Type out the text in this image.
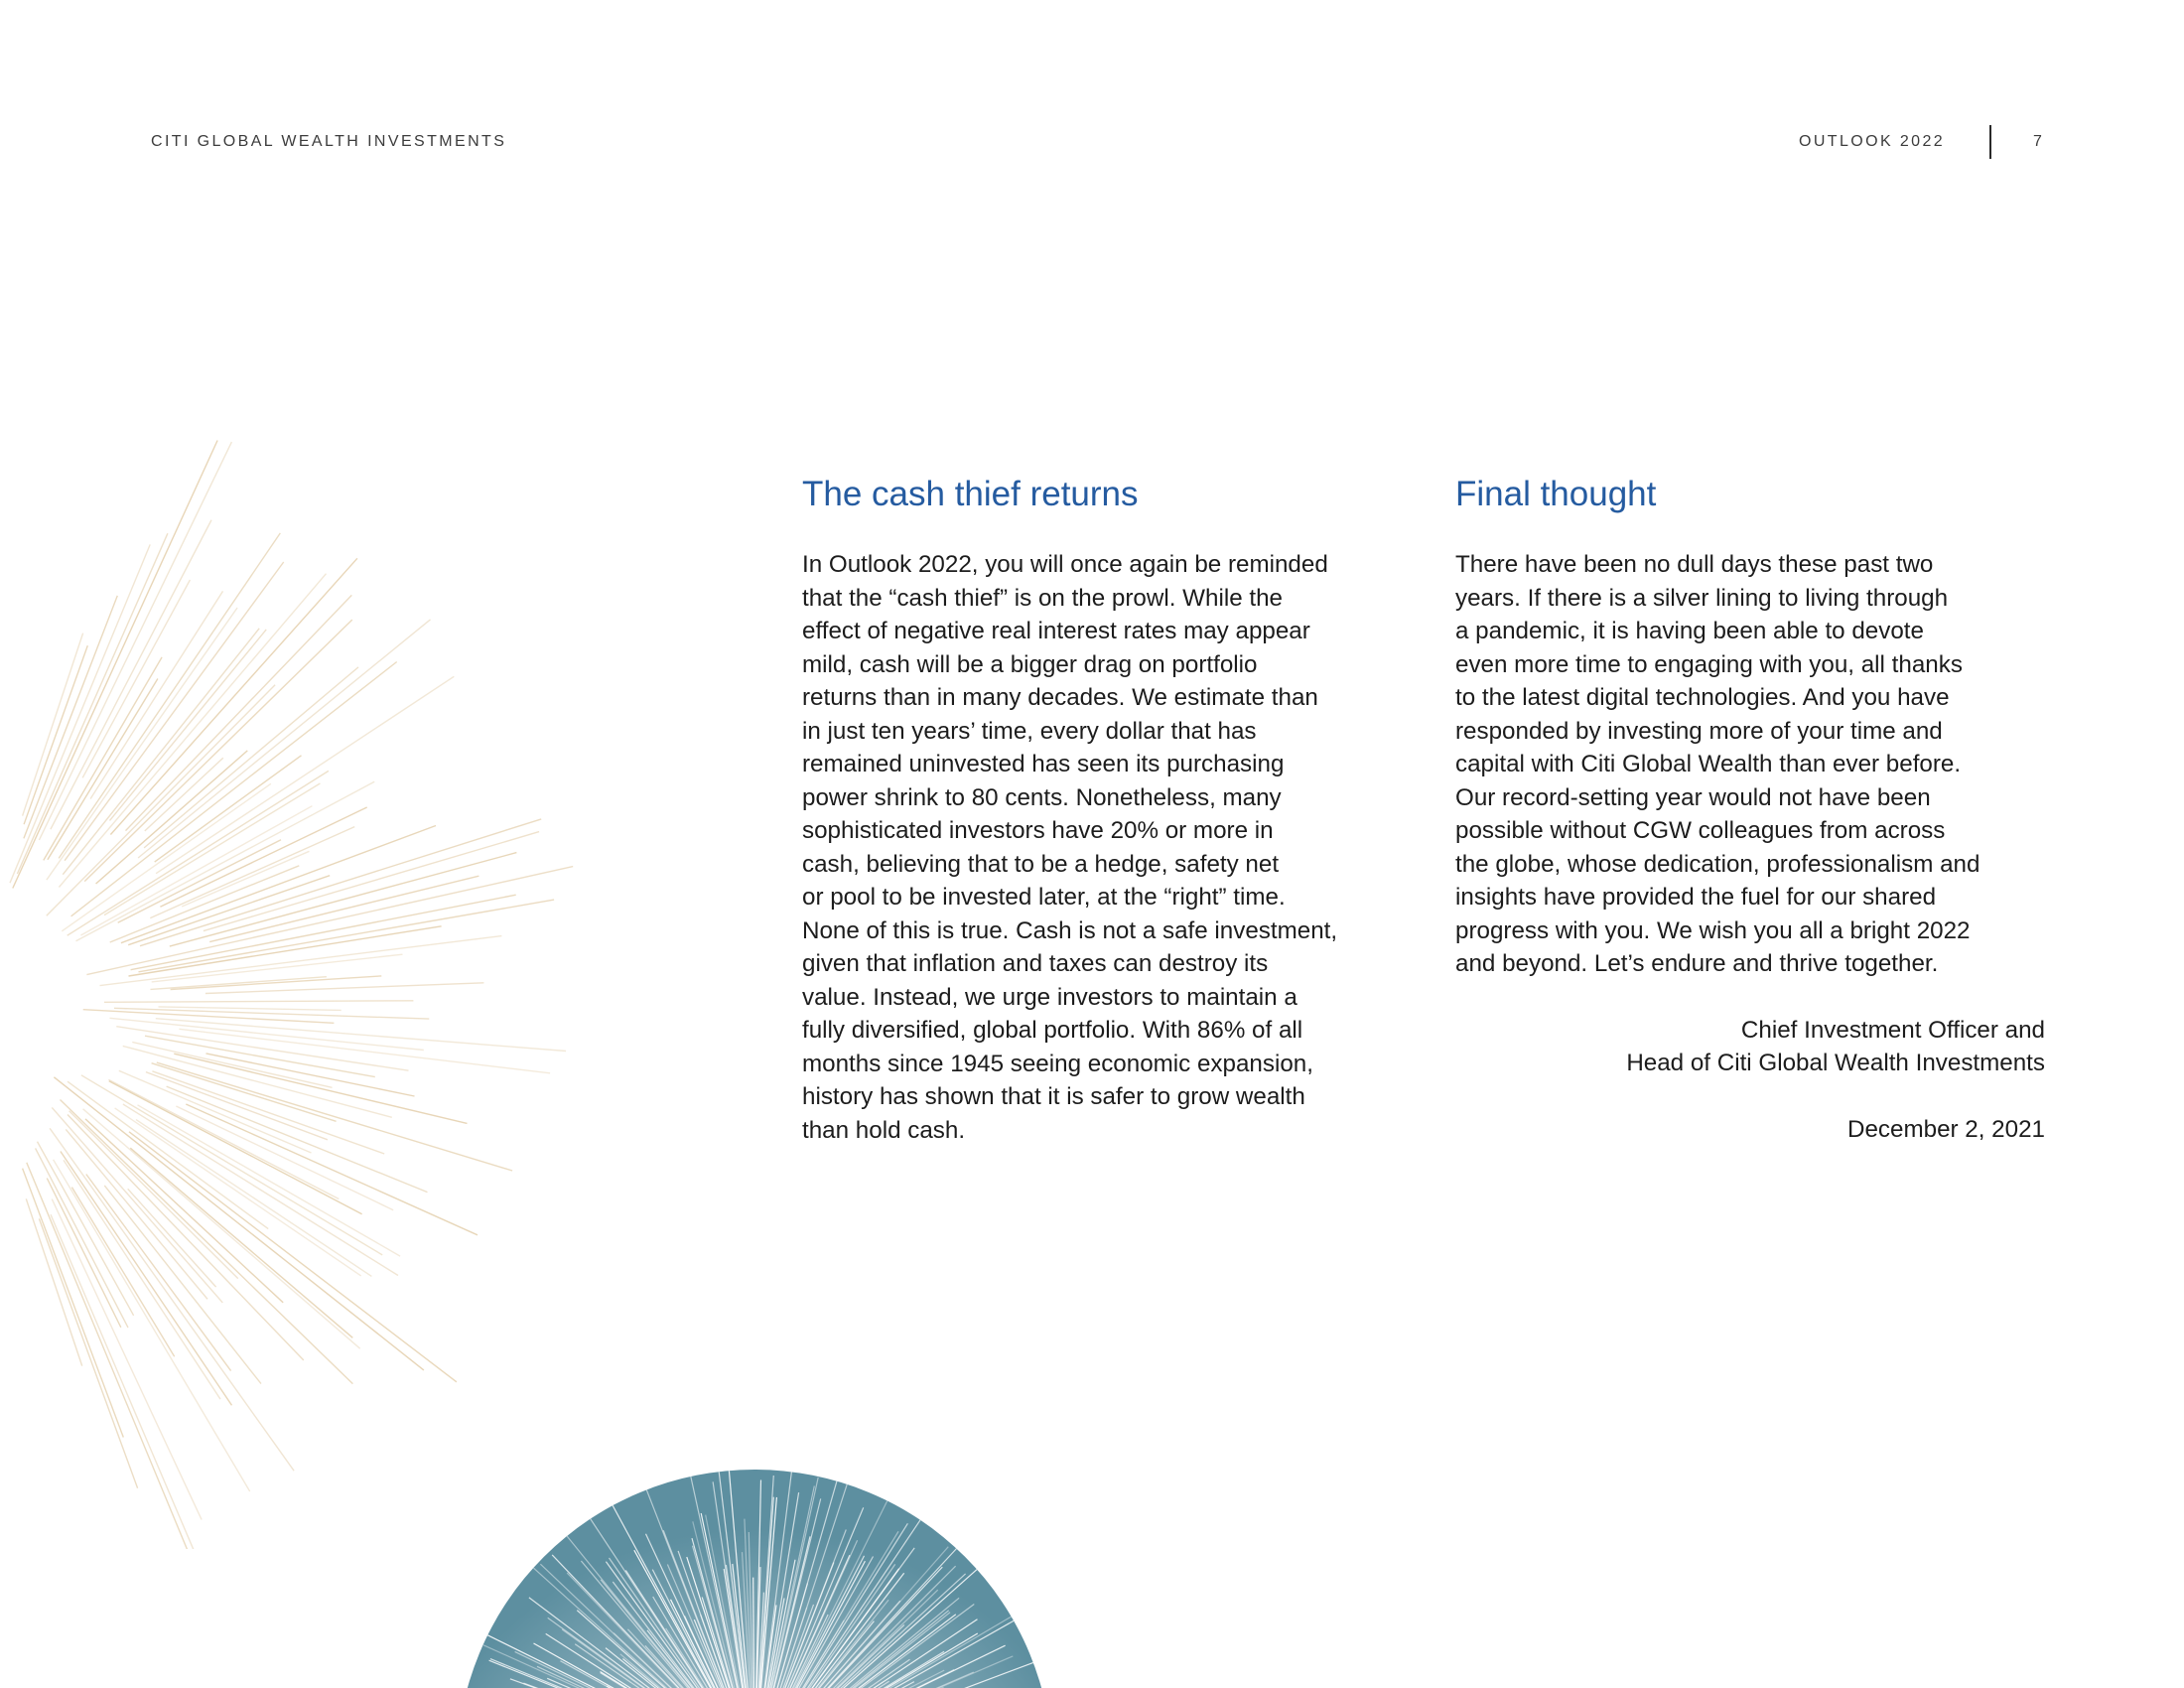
CITI GLOBAL WEALTH INVESTMENTS	OUTLOOK 2022	7
The cash thief returns
In Outlook 2022, you will once again be reminded
that the “cash thief” is on the prowl. While the
effect of negative real interest rates may appear
mild, cash will be a bigger drag on portfolio
returns than in many decades. We estimate than
in just ten years’ time, every dollar that has
remained uninvested has seen its purchasing
power shrink to 80 cents. Nonetheless, many
sophisticated investors have 20% or more in
cash, believing that to be a hedge, safety net
or pool to be invested later, at the “right” time.
None of this is true. Cash is not a safe investment,
given that inflation and taxes can destroy its
value. Instead, we urge investors to maintain a
fully diversified, global portfolio. With 86% of all
months since 1945 seeing economic expansion,
history has shown that it is safer to grow wealth
than hold cash.
Final thought
There have been no dull days these past two
years. If there is a silver lining to living through
a pandemic, it is having been able to devote
even more time to engaging with you, all thanks
to the latest digital technologies. And you have
responded by investing more of your time and
capital with Citi Global Wealth than ever before.
Our record-setting year would not have been
possible without CGW colleagues from across
the globe, whose dedication, professionalism and
insights have provided the fuel for our shared
progress with you. We wish you all a bright 2022
and beyond. Let’s endure and thrive together.
Chief Investment Officer and
Head of Citi Global Wealth Investments
December 2, 2021
